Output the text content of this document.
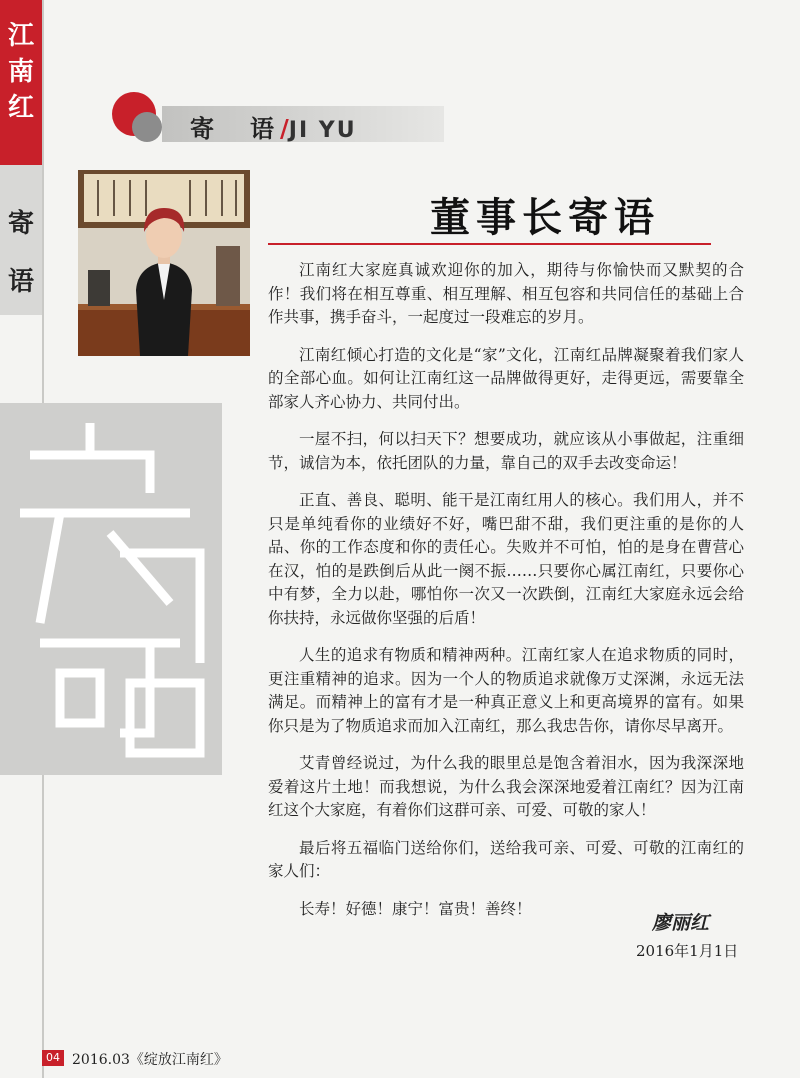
江
南
红
寄
语
寄　语/JI YU
董事长寄语

江南红大家庭真诚欢迎你的加入，期待与你愉快而又默契的合作！我们将在相互尊重、相互理解、相互包容和共同信任的基础上合作共事，携手奋斗，一起度过一段难忘的岁月。

江南红倾心打造的文化是“家”文化，江南红品牌凝聚着我们家人的全部心血。如何让江南红这一品牌做得更好，走得更远，需要靠全部家人齐心协力、共同付出。

一屋不扫，何以扫天下？想要成功，就应该从小事做起，注重细节，诚信为本，依托团队的力量，靠自己的双手去改变命运！

正直、善良、聪明、能干是江南红用人的核心。我们用人，并不只是单纯看你的业绩好不好，嘴巴甜不甜，我们更注重的是你的人品、你的工作态度和你的责任心。失败并不可怕，怕的是身在曹营心在汉，怕的是跌倒后从此一阕不振……只要你心属江南红，只要你心中有梦，全力以赴，哪怕你一次又一次跌倒，江南红大家庭永远会给你扶持，永远做你坚强的后盾！

人生的追求有物质和精神两种。江南红家人在追求物质的同时，更注重精神的追求。因为一个人的物质追求就像万丈深渊，永远无法满足。而精神上的富有才是一种真正意义上和更高境界的富有。如果你只是为了物质追求而加入江南红，那么我忠告你，请你尽早离开。

艾青曾经说过，为什么我的眼里总是饱含着泪水，因为我深深地爱着这片土地！而我想说，为什么我会深深地爱着江南红？因为江南红这个大家庭，有着你们这群可亲、可爱、可敬的家人！

最后将五福临门送给你们，送给我可亲、可爱、可敬的江南红的家人们：

长寿！好德！康宁！富贵！善终！

廖丽红
2016年1月1日
04 2016.03《绽放江南红》
